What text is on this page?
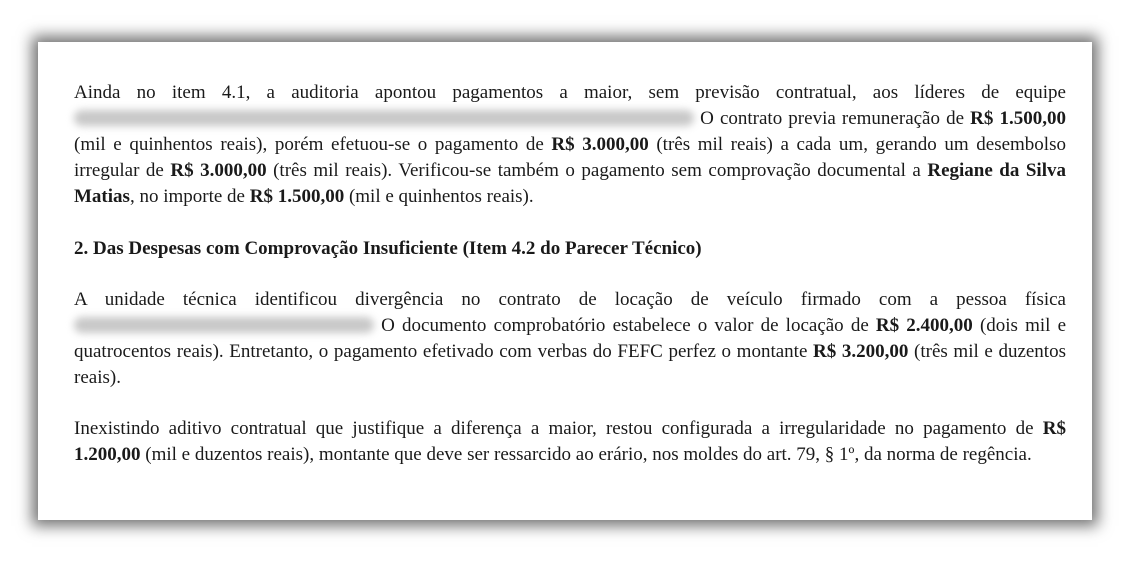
Ainda no item 4.1, a auditoria apontou pagamentos a maior, sem previsão contratual, aos líderes de equipe  O contrato previa remuneração de R$ 1.500,00 (mil e quinhentos reais), porém efetuou-se o pagamento de R$ 3.000,00 (três mil reais) a cada um, gerando um desembolso irregular de R$ 3.000,00 (três mil reais). Verificou-se também o pagamento sem comprovação documental a Regiane da Silva Matias, no importe de R$ 1.500,00 (mil e quinhentos reais).

2. Das Despesas com Comprovação Insuficiente (Item 4.2 do Parecer Técnico)

A unidade técnica identificou divergência no contrato de locação de veículo firmado com a pessoa física  O documento comprobatório estabelece o valor de locação de R$ 2.400,00 (dois mil e quatrocentos reais). Entretanto, o pagamento efetivado com verbas do FEFC perfez o montante R$ 3.200,00 (três mil e duzentos reais).

Inexistindo aditivo contratual que justifique a diferença a maior, restou configurada a irregularidade no pagamento de R$ 1.200,00 (mil e duzentos reais), montante que deve ser ressarcido ao erário, nos moldes do art. 79, § 1º, da norma de regência.
